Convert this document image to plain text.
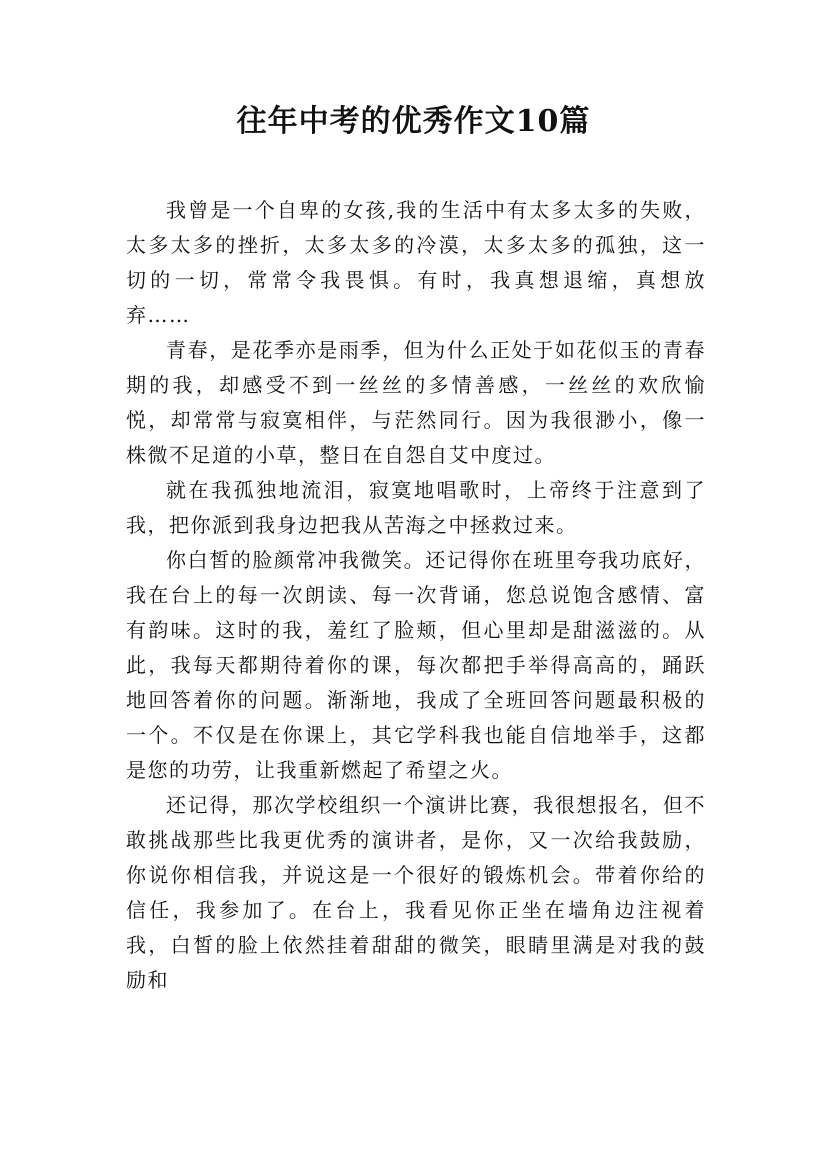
往年中考的优秀作文10篇

我曾是一个自卑的女孩,我的生活中有太多太多的失败，太多太多的挫折，太多太多的冷漠，太多太多的孤独，这一切的一切，常常令我畏惧。有时，我真想退缩，真想放弃……

青春，是花季亦是雨季，但为什么正处于如花似玉的青春期的我，却感受不到一丝丝的多情善感，一丝丝的欢欣愉悦，却常常与寂寞相伴，与茫然同行。因为我很渺小，像一株微不足道的小草，整日在自怨自艾中度过。

就在我孤独地流泪，寂寞地唱歌时，上帝终于注意到了我，把你派到我身边把我从苦海之中拯救过来。

你白皙的脸颜常冲我微笑。还记得你在班里夸我功底好，我在台上的每一次朗读、每一次背诵，您总说饱含感情、富有韵味。这时的我，羞红了脸颊，但心里却是甜滋滋的。从此，我每天都期待着你的课，每次都把手举得高高的，踊跃地回答着你的问题。渐渐地，我成了全班回答问题最积极的一个。不仅是在你课上，其它学科我也能自信地举手，这都是您的功劳，让我重新燃起了希望之火。

还记得，那次学校组织一个演讲比赛，我很想报名，但不敢挑战那些比我更优秀的演讲者，是你，又一次给我鼓励，你说你相信我，并说这是一个很好的锻炼机会。带着你给的信任，我参加了。在台上，我看见你正坐在墙角边注视着我，白皙的脸上依然挂着甜甜的微笑，眼睛里满是对我的鼓励和
